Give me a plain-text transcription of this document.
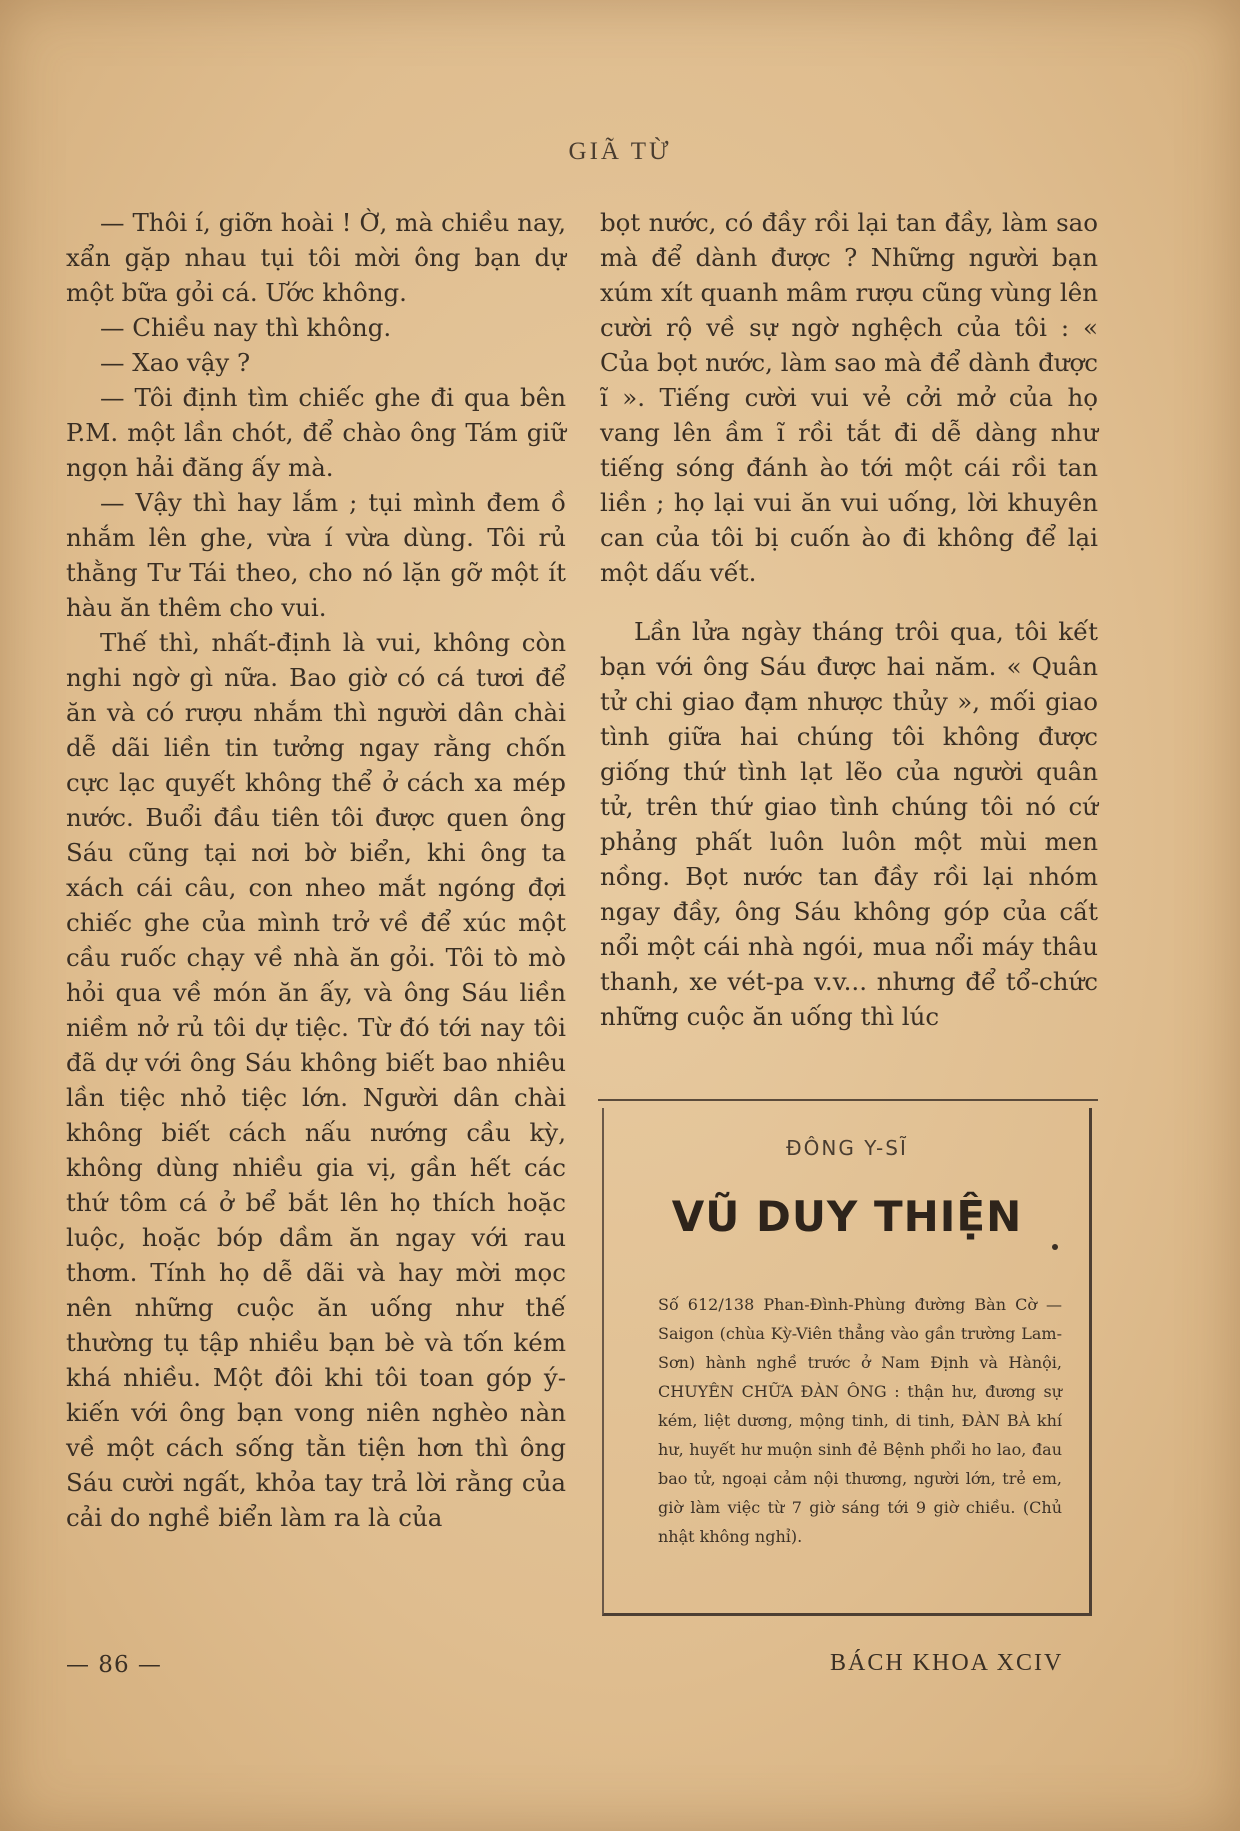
GIÃ TỪ

— Thôi í, giỡn hoài ! Ờ, mà chiều nay, xẩn gặp nhau tụi tôi mời ông bạn dự một bữa gỏi cá. Ước không.

— Chiều nay thì không.

— Xao vậy ?

— Tôi định tìm chiếc ghe đi qua bên P.M. một lần chót, để chào ông Tám giữ ngọn hải đăng ấy mà.

— Vậy thì hay lắm ; tụi mình đem ồ nhắm lên ghe, vừa í vừa dùng. Tôi rủ thằng Tư Tái theo, cho nó lặn gỡ một ít hàu ăn thêm cho vui.

Thế thì, nhất-định là vui, không còn nghi ngờ gì nữa. Bao giờ có cá tươi để ăn và có rượu nhắm thì người dân chài dễ dãi liền tin tưởng ngay rằng chốn cực lạc quyết không thể ở cách xa mép nước. Buổi đầu tiên tôi được quen ông Sáu cũng tại nơi bờ biển, khi ông ta xách cái câu, con nheo mắt ngóng đợi chiếc ghe của mình trở về để xúc một cầu ruốc chạy về nhà ăn gỏi. Tôi tò mò hỏi qua về món ăn ấy, và ông Sáu liền niềm nở rủ tôi dự tiệc. Từ đó tới nay tôi đã dự với ông Sáu không biết bao nhiêu lần tiệc nhỏ tiệc lớn. Người dân chài không biết cách nấu nướng cầu kỳ, không dùng nhiều gia vị, gần hết các thứ tôm cá ở bể bắt lên họ thích hoặc luộc, hoặc bóp dầm ăn ngay với rau thơm. Tính họ dễ dãi và hay mời mọc nên những cuộc ăn uống như thế thường tụ tập nhiều bạn bè và tốn kém khá nhiều. Một đôi khi tôi toan góp ý-kiến với ông bạn vong niên nghèo nàn về một cách sống tằn tiện hơn thì ông Sáu cười ngất, khỏa tay trả lời rằng của cải do nghề biển làm ra là của

bọt nước, có đầy rồi lại tan đầy, làm sao mà để dành được ? Những người bạn xúm xít quanh mâm rượu cũng vùng lên cười rộ về sự ngờ nghệch của tôi : « Của bọt nước, làm sao mà để dành được ĩ ». Tiếng cười vui vẻ cởi mở của họ vang lên ầm ĩ rồi tắt đi dễ dàng như tiếng sóng đánh ào tới một cái rồi tan liền ; họ lại vui ăn vui uống, lời khuyên can của tôi bị cuốn ào đi không để lại một dấu vết.

Lần lửa ngày tháng trôi qua, tôi kết bạn với ông Sáu được hai năm. « Quân tử chi giao đạm nhược thủy », mối giao tình giữa hai chúng tôi không được giống thứ tình lạt lẽo của người quân tử, trên thứ giao tình chúng tôi nó cứ phảng phất luôn luôn một mùi men nồng. Bọt nước tan đầy rồi lại nhóm ngay đầy, ông Sáu không góp của cất nổi một cái nhà ngói, mua nổi máy thâu thanh, xe vét-pa v.v... nhưng để tổ-chức những cuộc ăn uống thì lúc

ĐÔNG Y-SĨ
VŨ DUY THIỆN
Số 612/138 Phan-Đình-Phùng đường Bàn Cờ — Saigon (chùa Kỳ-Viên thẳng vào gần trường Lam-Sơn) hành nghề trước ở Nam Định và Hànội, CHUYÊN CHỮA ĐÀN ÔNG : thận hư, đương sự kém, liệt dương, mộng tinh, di tinh, ĐÀN BÀ khí hư, huyết hư muộn sinh đẻ Bệnh phổi ho lao, đau bao tử, ngoại cảm nội thương, người lớn, trẻ em, giờ làm việc từ 7 giờ sáng tới 9 giờ chiều. (Chủ nhật không nghỉ).
— 86 —	BÁCH KHOA XCIV
